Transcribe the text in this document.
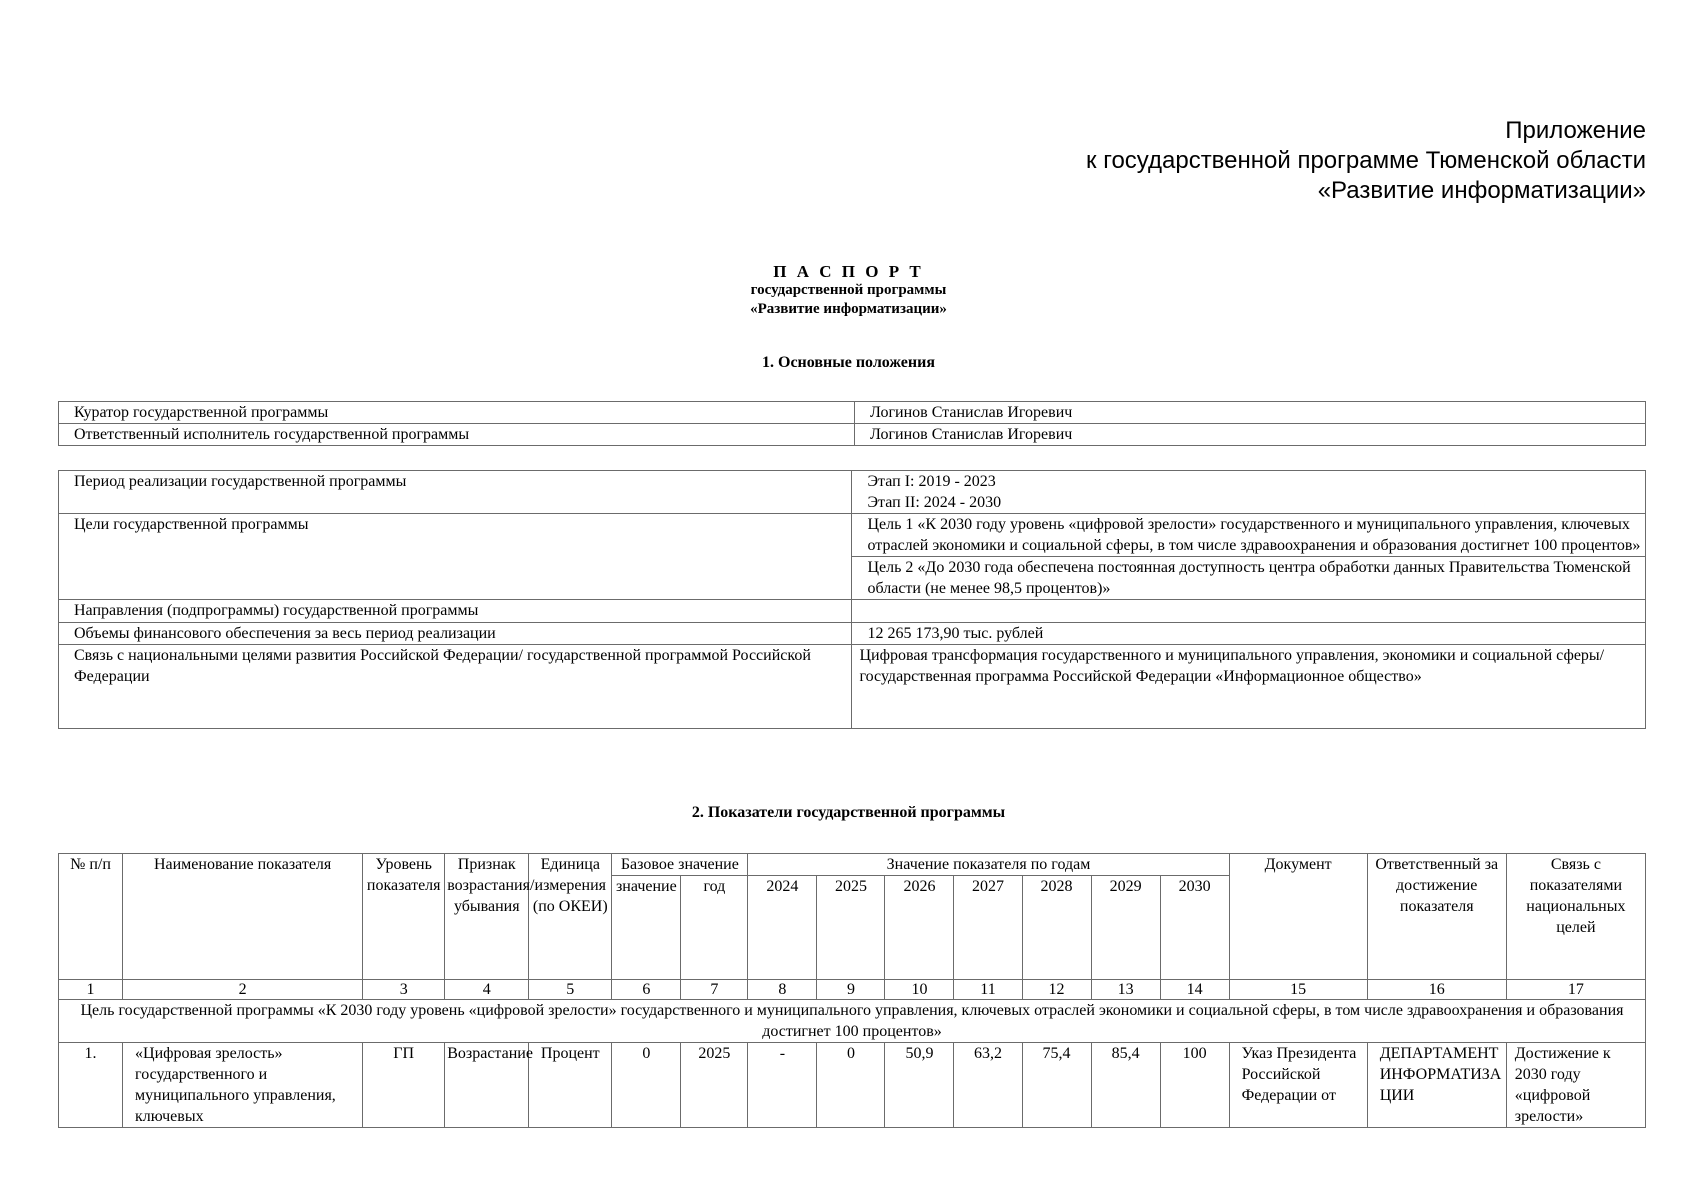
Приложение
к государственной программе Тюменской области
«Развитие информатизации»
П А С П О Р Т
государственной программы
«Развитие информатизации»
1. Основные положения
Куратор государственной программы	Логинов Станислав Игоревич
Ответственный исполнитель государственной программы	Логинов Станислав Игоревич
Период реализации государственной программы	Этап I: 2019 - 2023
Этап II: 2024 - 2030

Цели государственной программы	Цель 1 «К 2030 году уровень «цифровой зрелости» государственного и муниципального управления, ключевых отраслей экономики и социальной сферы, в том числе здравоохранения и образования достигнет 100 процентов»
	Цель 2 «До 2030 года обеспечена постоянная доступность центра обработки данных Правительства Тюменской области (не менее 98,5 процентов)»
Направления (подпрограммы) государственной программы	
Объемы финансового обеспечения за весь период реализации	12 265 173,90 тыс. рублей
Связь с национальными целями развития Российской Федерации/ государственной программой Российской Федерации	Цифровая трансформация государственного и муниципального управления, экономики и социальной сферы/государственная программа Российской Федерации «Информационное общество»
2. Показатели государственной программы
№ п/п	Наименование показателя	Уровень показателя	Признак возрастания/ убывания	Единица измерения (по ОКЕИ)	Базовое значение		Значение показателя по годам							Документ	Ответственный за достижение показателя	Связь с показателями национальных целей
					значение	год	2024	2025	2026	2027	2028	2029	2030			
1	2	3	4	5	6	7	8	9	10	11	12	13	14	15	16	17
Цель государственной программы «К 2030 году уровень «цифровой зрелости» государственного и муниципального управления, ключевых отраслей экономики и социальной сферы, в том числе здравоохранения и образования достигнет 100 процентов»																
1.	«Цифровая зрелость» государственного и муниципального управления, ключевых	ГП	Возрастание	Процент	0	2025	-	0	50,9	63,2	75,4	85,4	100	Указ Президента Российской Федерации от	ДЕПАРТАМЕНТ ИНФОРМАТИЗАЦИИ	Достижение к 2030 году «цифровой зрелости»
